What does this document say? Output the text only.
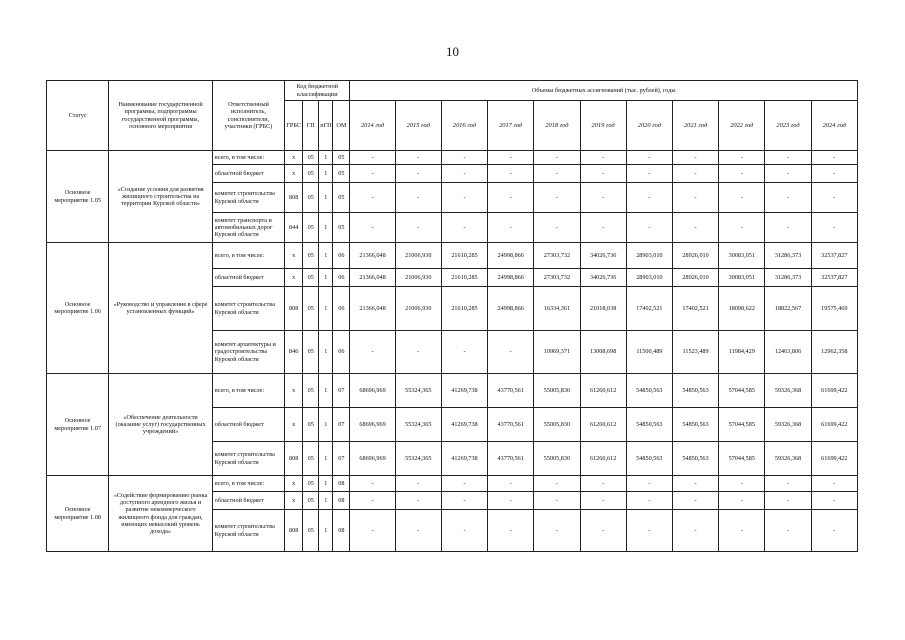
10
Статус	Наименование государственной программы, подпрограммы государственной программы, основного мероприятия	Ответственный исполнитель, соисполнители, участники (ГРБС)	Код бюджетной классификации				Объемы бюджетных ассигнований (тыс. рублей), годы										
			ГРБС	ГП	пГП	ОМ	2014 год	2015 год	2016 год	2017 год	2018 год	2019 год	2020 год	2021 год	2022 год	2023 год	2024 год
Основное мероприятие 1.05	«Создание условия для развития жилищного строительства на территории Курской области»	всего, в том числе:	х	05	1	05	-	-	-	-	-	-	-	-	-	-	-
		областной бюджет	х	05	1	05	-	-	-	-	-	-	-	-	-	-	-
		комитет строительства Курской области	808	05	1	05	-	-	-	-	-	-	-	-	-	-	-
		комитет транспорта и автомобильных дорог Курской области	844	05	1	05	-	-	-	-	-	-	-	-	-	-	-
Основное мероприятие 1.06	«Руководство и управление в сфере установленных функций»	всего, в том числе:	х	05	1	06	21366,048	21006,930	21610,285	24998,866	27303,732	34026,736	28903,010	28926,010	30083,051	31286,373	32537,827
		областной бюджет	х	05	1	06	21366,048	21006,930	21610,285	24998,866	27303,732	34026,736	28903,010	28926,010	30083,051	31286,373	32537,827
		комитет строительства Курской области	808	05	1	06	21366,048	21006,930	21610,285	24998,866	16334,361	21018,038	17402,521	17402,521	18098,622	18822,567	19575,469
		комитет архитектуры и градостроительства Курской области	846	05	1	06	-	-	-	-	10969,371	13008,698	11500,489	11523,489	11984,429	12463,806	12962,358
Основное мероприятие 1.07	«Обеспечение деятельности (оказание услуг) государственных учреждений»	всего, в том числе:	х	05	1	07	68696,969	55324,365	41269,738	43770,561	55005,830	61260,612	54850,563	54850,563	57044,585	59326,368	61699,422
		областной бюджет	х	05	1	07	68696,969	55324,365	41269,738	43770,561	55005,830	61260,612	54850,563	54850,563	57044,585	59326,368	61699,422
		комитет строительства Курской области	808	05	1	07	68696,969	55324,365	41269,738	43770,561	55005,830	61260,612	54850,563	54850,563	57044,585	59326,368	61699,422
Основное мероприятие 1.08	«Содействие формированию рынка доступного арендного жилья и развитие некоммерческого жилищного фонда для граждан, имеющих невысокий уровень дохода»	всего, в том числе:	х	05	1	08	-	-	-	-	-	-	-	-	-	-	-
		областной бюджет	х	05	1	08	-	-	-	-	-	-	-	-	-	-	-
		комитет строительства Курской области	808	05	1	08	-	-	-	-	-	-	-	-	-	-	-
